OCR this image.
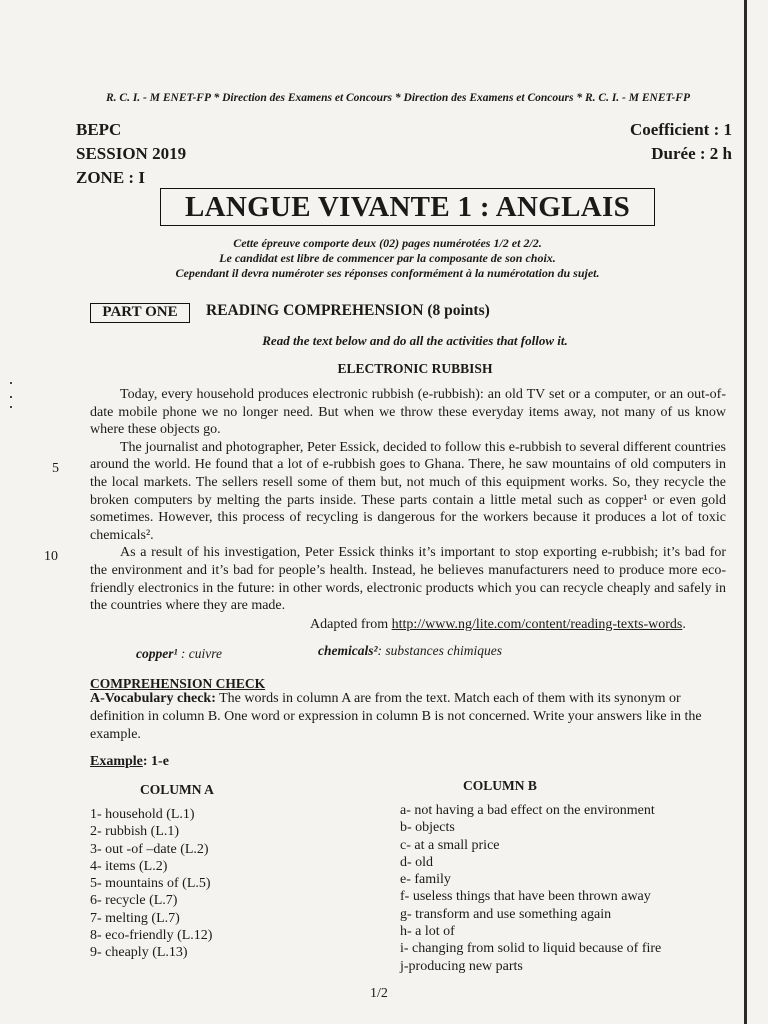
R. C. I. - M ENET-FP * Direction des Examens et Concours * Direction des Examens et Concours * R. C. I. - M ENET-FP
BEPC
SESSION 2019
ZONE : I
Coefficient : 1
Durée : 2 h
LANGUE VIVANTE 1 : ANGLAIS
Cette épreuve comporte deux (02) pages numérotées 1/2 et 2/2.
Le candidat est libre de commencer par la composante de son choix.
Cependant il devra numéroter ses réponses conformément à la numérotation du sujet.
PART ONE	READING COMPREHENSION (8 points)
Read the text below and do all the activities that follow it.
ELECTRONIC RUBBISH
5
10

Today, every household produces electronic rubbish (e-rubbish): an old TV set or a computer, or an out-of-date mobile phone we no longer need. But when we throw these everyday items away, not many of us know where these objects go.

The journalist and photographer, Peter Essick, decided to follow this e-rubbish to several different countries around the world. He found that a lot of e-rubbish goes to Ghana. There, he saw mountains of old computers in the local markets. The sellers resell some of them but, not much of this equipment works. So, they recycle the broken computers by melting the parts inside. These parts contain a little metal such as copper¹ or even gold sometimes. However, this process of recycling is dangerous for the workers because it produces a lot of toxic chemicals².

As a result of his investigation, Peter Essick thinks it’s important to stop exporting e-rubbish; it’s bad for the environment and it’s bad for people’s health. Instead, he believes manufacturers need to produce more eco-friendly electronics in the future: in other words, electronic products which you can recycle cheaply and safely in the countries where they are made.

Adapted from http://www.ng/lite.com/content/reading-texts-words.
copper¹ : cuivre	chemicals²: substances chimiques
COMPREHENSION CHECK
A-Vocabulary check: The words in column A are from the text. Match each of them with its synonym or definition in column B. One word or expression in column B is not concerned. Write your answers like in the example.
Example: 1-e
COLUMN A	COLUMN B
1- household (L.1)
2- rubbish (L.1)
3- out -of –date (L.2)
4- items (L.2)
5- mountains of (L.5)
6- recycle (L.7)
7- melting (L.7)
8- eco-friendly (L.12)
9- cheaply (L.13)
a- not having a bad effect on the environment
b- objects
c- at a small price
d- old
e- family
f- useless things that have been thrown away
g- transform and use something again
h- a lot of
i- changing from solid to liquid because of fire
j-producing new parts
1/2
